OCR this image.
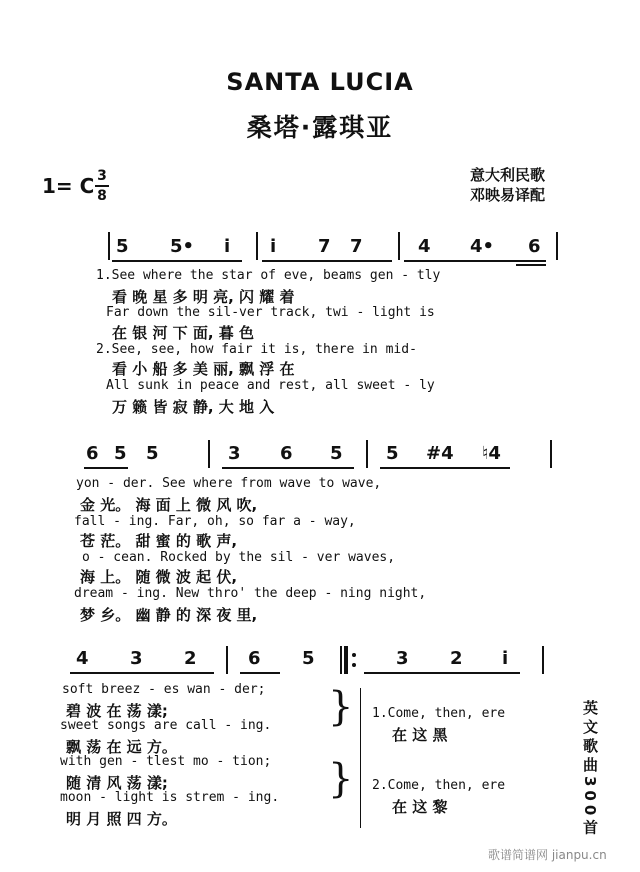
SANTA LUCIA
桑塔·露琪亚
1= C 3
8
意大利民歌
邓映易译配
5 5• i i 7 7	4 4• 6
1.See where the star of eve, beams gen - tly
看 晚 星 多 明 亮, 闪 耀 着
Far down the sil-ver track, twi - light is
在 银 河 下 面, 暮 色
2.See, see, how fair it is, there in mid-
看 小 船 多 美 丽, 飘 浮 在
All sunk in peace and rest, all sweet - ly
万 籁 皆 寂 静, 大 地 入
6 5 5	3 6 5 5 #4 ♮4
yon - der. See where from wave to wave,
金 光。 海 面 上 微 风 吹,
fall - ing. Far, oh, so far a - way,
苍 茫。 甜 蜜 的 歌 声,
o - cean. Rocked by the sil - ver waves,
海 上。 随 微 波 起 伏,
dream - ing. New thro' the deep - ning night,
梦 乡。 幽 静 的 深 夜 里,
4 3 2	6 5	3 2 i
soft breez - es wan - der;
碧 波 在 荡 漾;
sweet songs are call - ing.
飘 荡 在 远 方。
with gen - tlest mo - tion;
随 清 风 荡 漾;
moon - light is strem - ing.
明 月 照 四 方。
}
}
1.Come, then, ere
在 这 黑
2.Come, then, ere
在 这 黎	英文歌曲300首
歌谱简谱网 jianpu.cn
